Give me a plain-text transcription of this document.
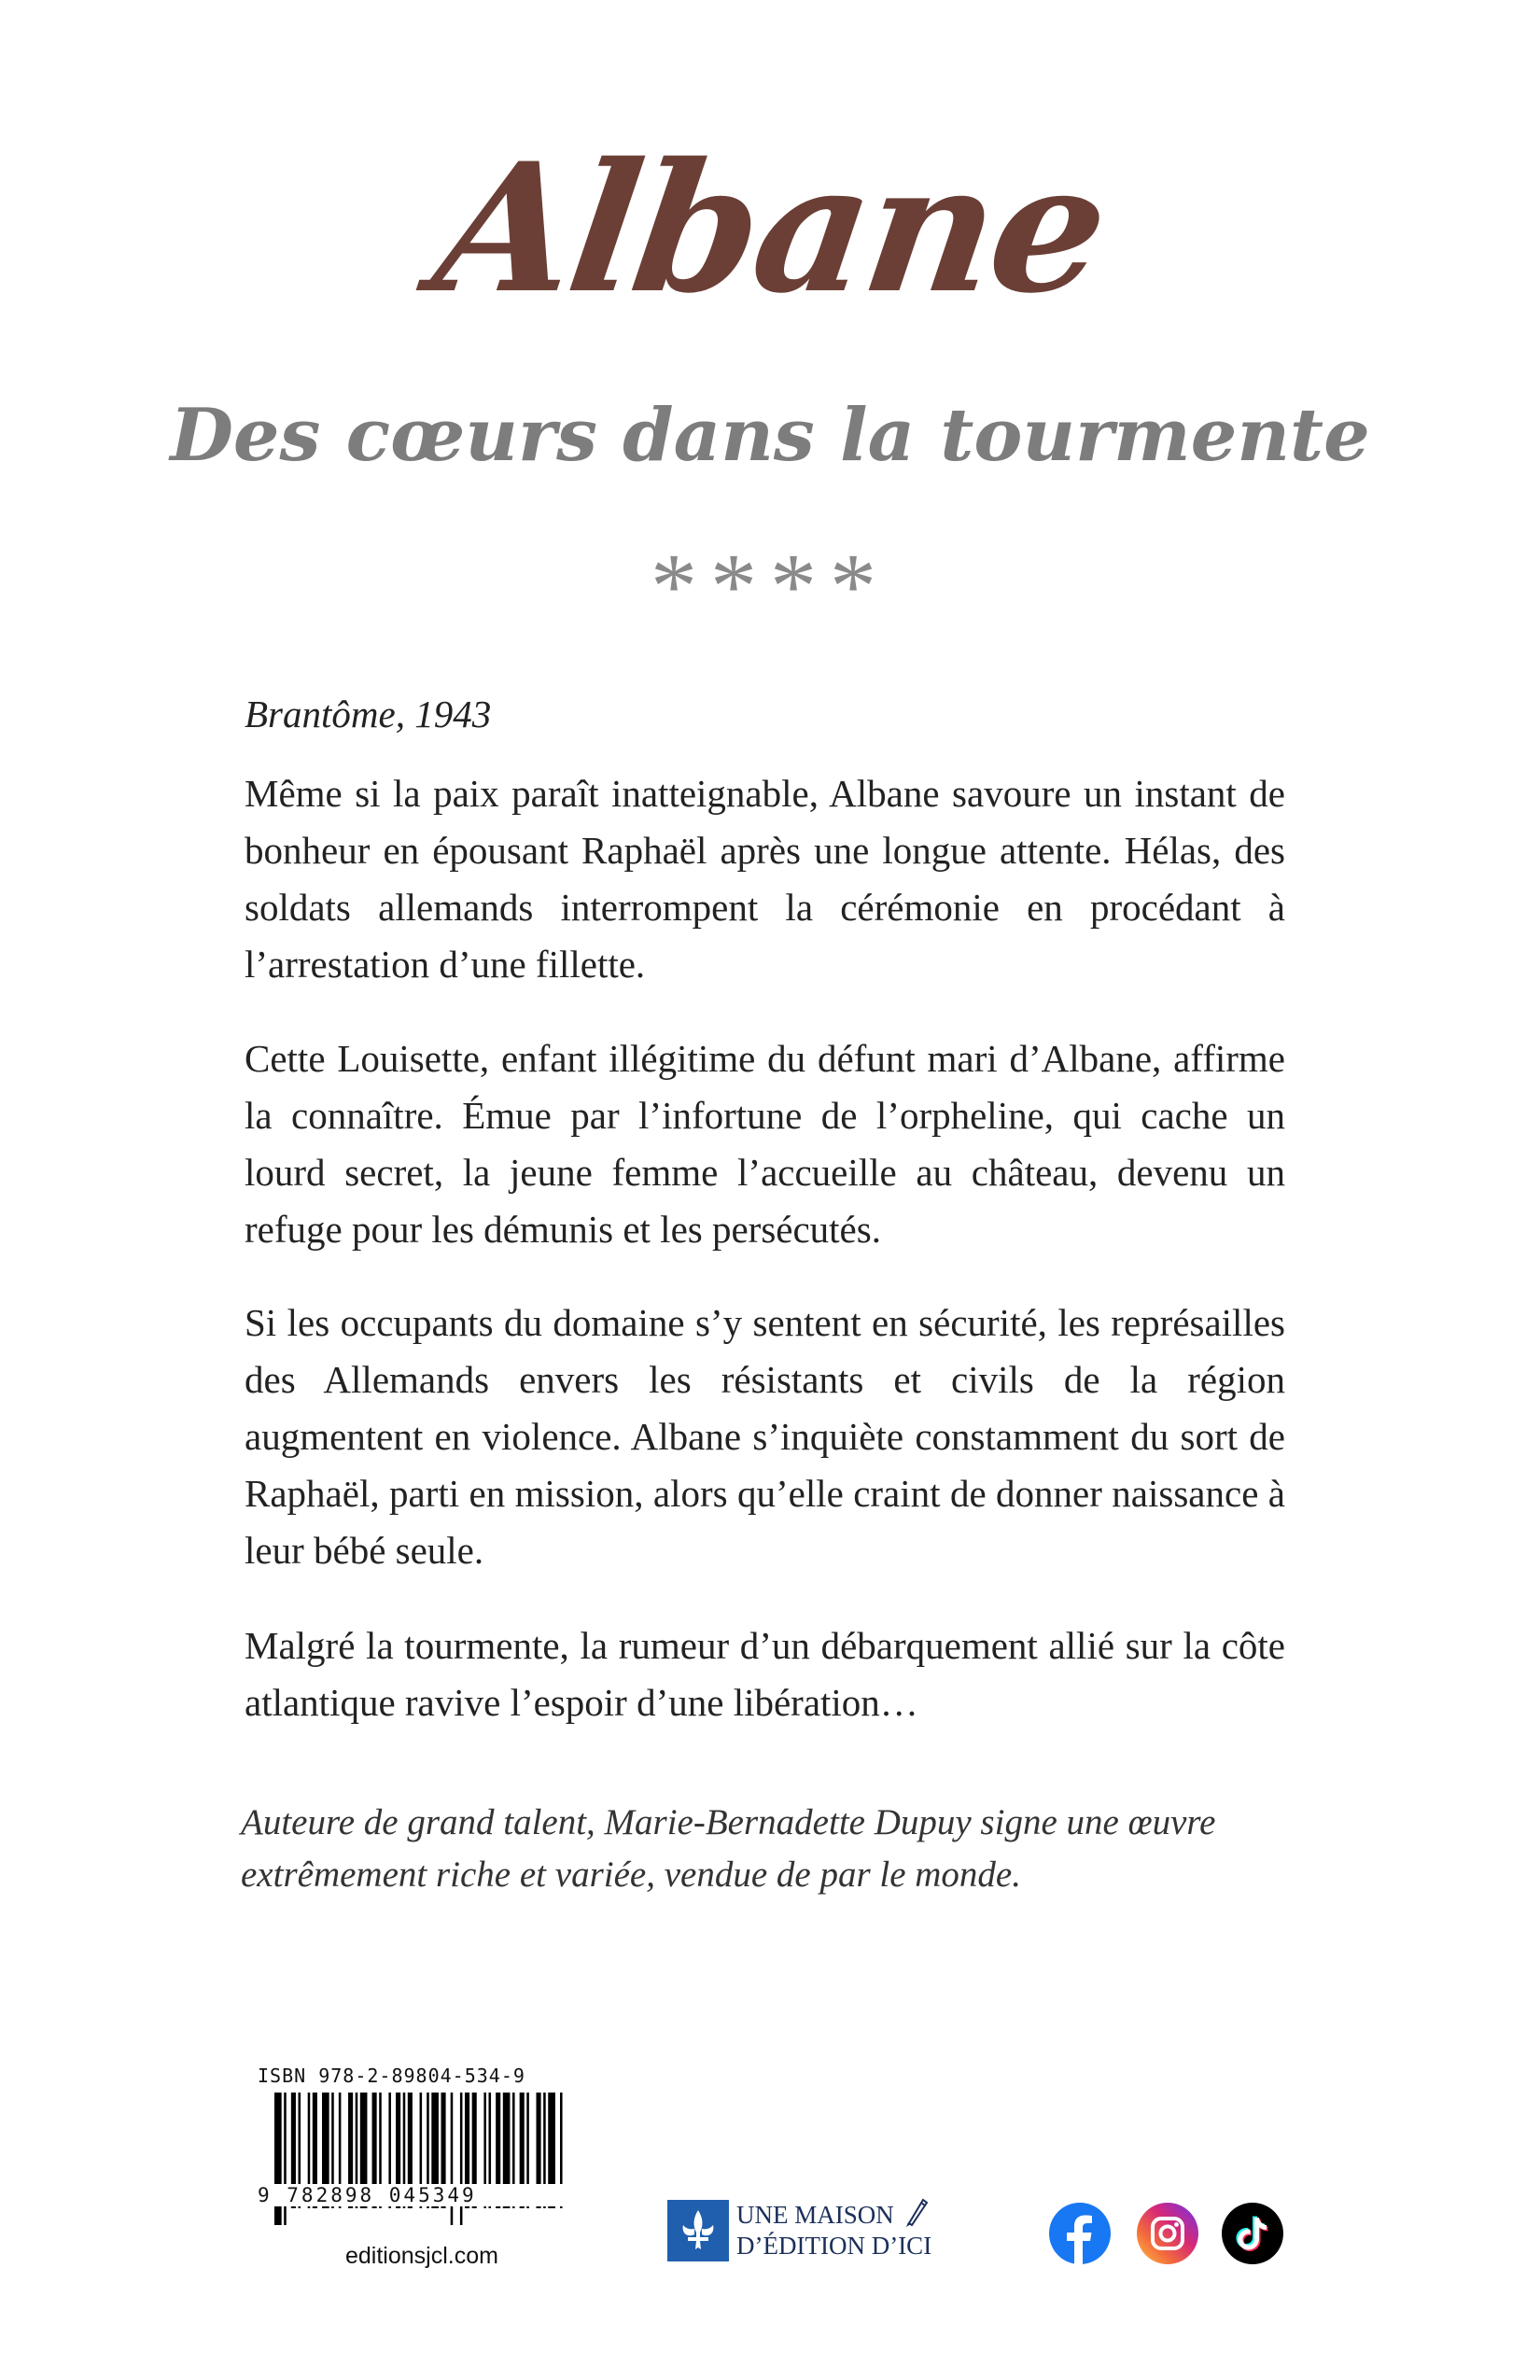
Albane
Des cœurs dans la tourmente
****
Brantôme, 1943

Même si la paix paraît inatteignable, Albane savoure un instant de bonheur en épousant Raphaël après une longue attente. Hélas, des soldats allemands interrompent la cérémonie en procédant à l’arrestation d’une fillette.

Cette Louisette, enfant illégitime du défunt mari d’Albane, affirme la connaître. Émue par l’infortune de l’orpheline, qui cache un lourd secret, la jeune femme l’accueille au château, devenu un refuge pour les démunis et les persécutés.

Si les occupants du domaine s’y sentent en sécurité, les représailles des Allemands envers les résistants et civils de la région augmentent en violence. Albane s’inquiète constamment du sort de Raphaël, parti en mission, alors qu’elle craint de donner naissance à leur bébé seule.

Malgré la tourmente, la rumeur d’un débarquement allié sur la côte atlantique ravive l’espoir d’une libération…

Auteure de grand talent, Marie-Bernadette Dupuy signe une œuvre
extrêmement riche et variée, vendue de par le monde.
ISBN 978-2-89804-534-9
9 782898 045349
editionsjcl.com
UNE MAISON
D’ÉDITION D’ICI
